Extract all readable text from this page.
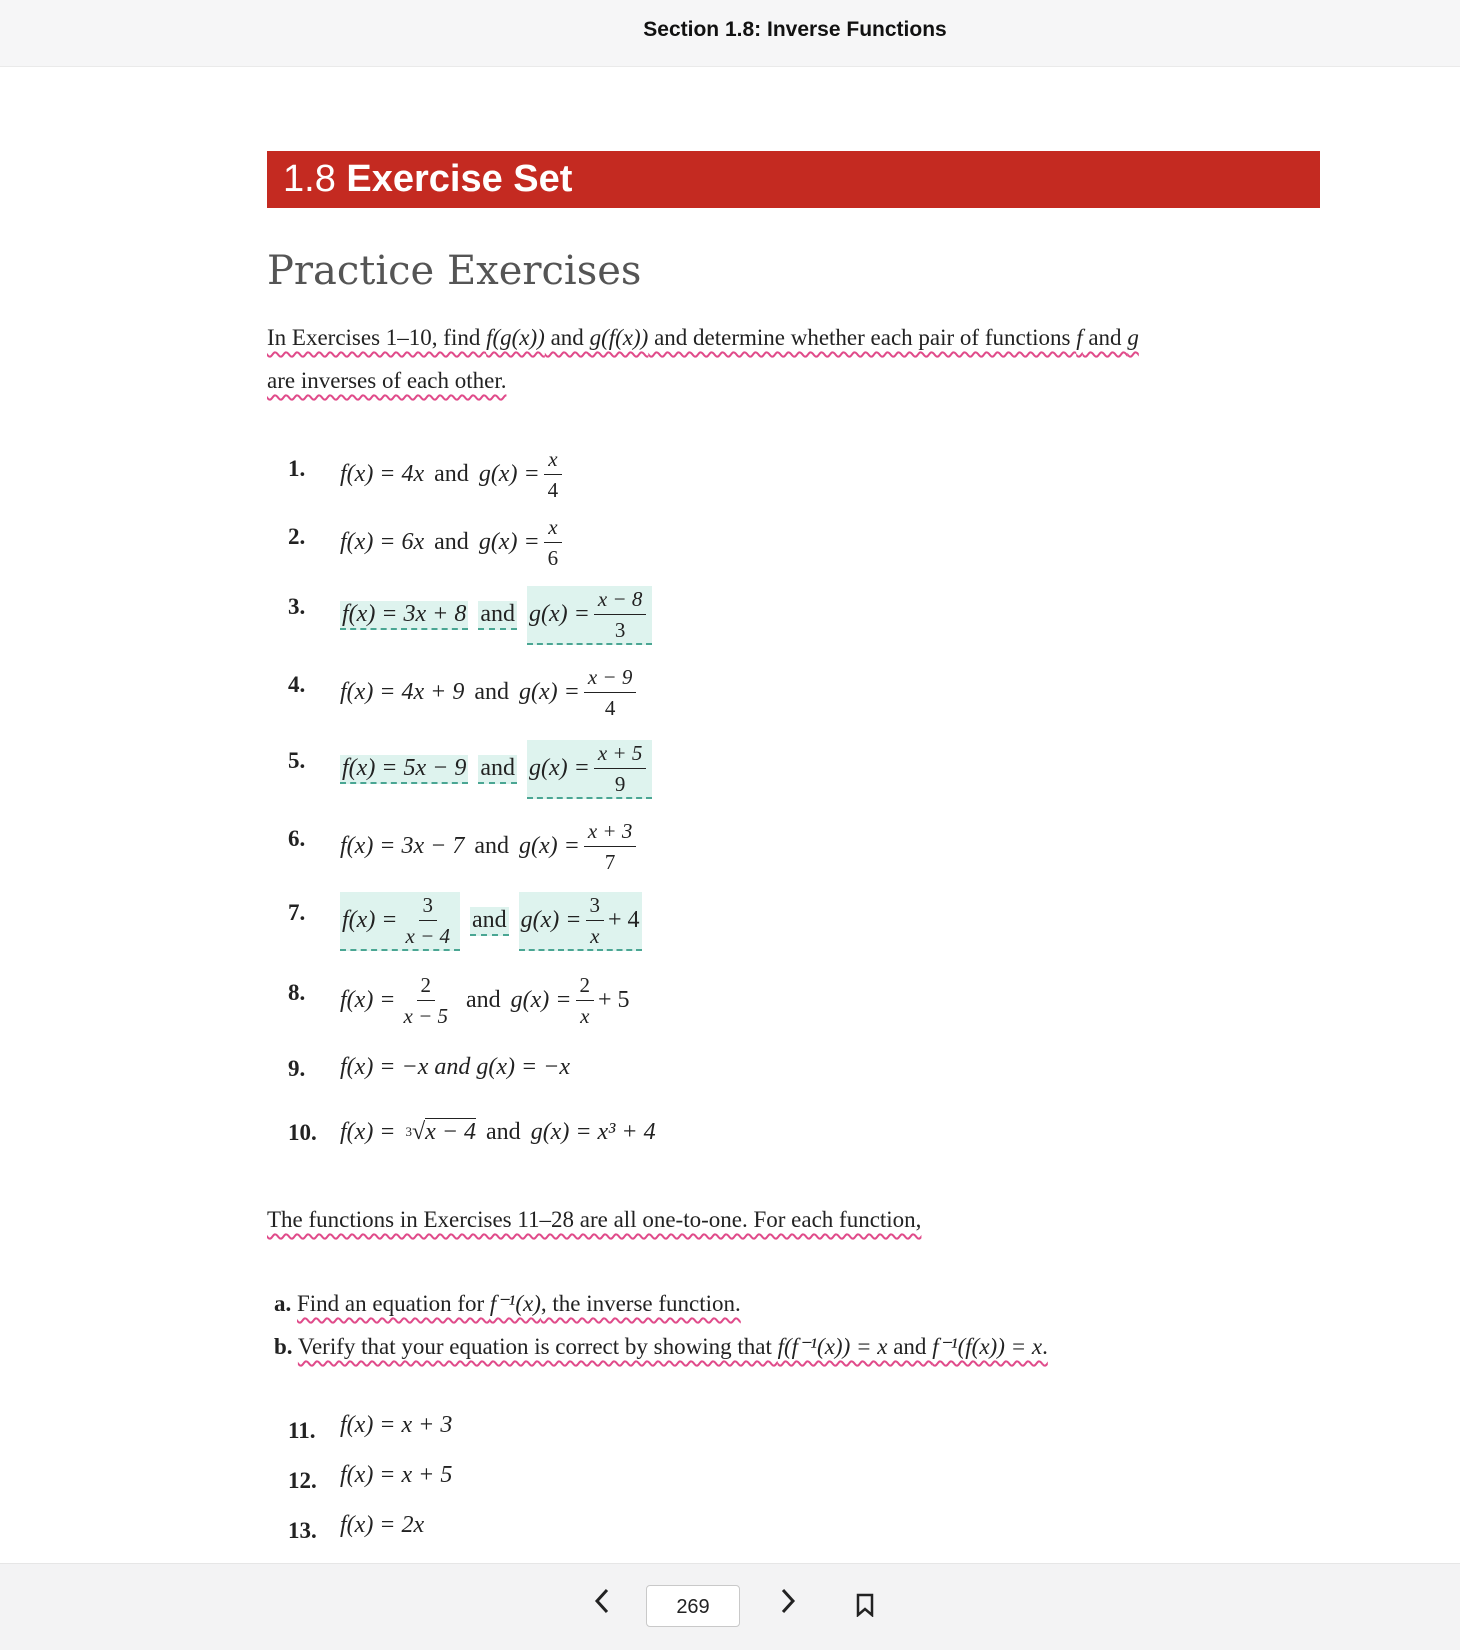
Section 1.8: Inverse Functions
1.8 Exercise Set
Practice Exercises
In Exercises 1–10, find f(g(x)) and g(f(x)) and determine whether each pair of functions f and g
are inverses of each other.
1. f(x) = 4x and $g(x) = \frac{x}{4}$
2. f(x) = 6x and $g(x) = \frac{x}{6}$
3. f(x) = 3x + 8 and $g(x) = \frac{x - 8}{3}$
4. f(x) = 4x + 9 and $g(x) = \frac{x - 9}{4}$
5. f(x) = 5x − 9 and $g(x) = \frac{x + 5}{9}$
6. f(x) = 3x − 7 and $g(x) = \frac{x + 3}{7}$
7. $f(x) = \frac{3}{x - 4}$ and $g(x) = \frac{3}{x} + 4$
8. $f(x) = \frac{2}{x - 5}$ and $g(x) = \frac{2}{x} + 5$
9. f(x) = −x and g(x) = −x
10. f(x) = 3 √ x − 4 and g(x) = x³ + 4
The functions in Exercises 11–28 are all one-to-one. For each function,
a. Find an equation for f⁻¹(x), the inverse function.
b. Verify that your equation is correct by showing that f(f⁻¹(x)) = x and f⁻¹(f(x)) = x.
11. f(x) = x + 3
12. f(x) = x + 5
13. f(x) = 2x
269
